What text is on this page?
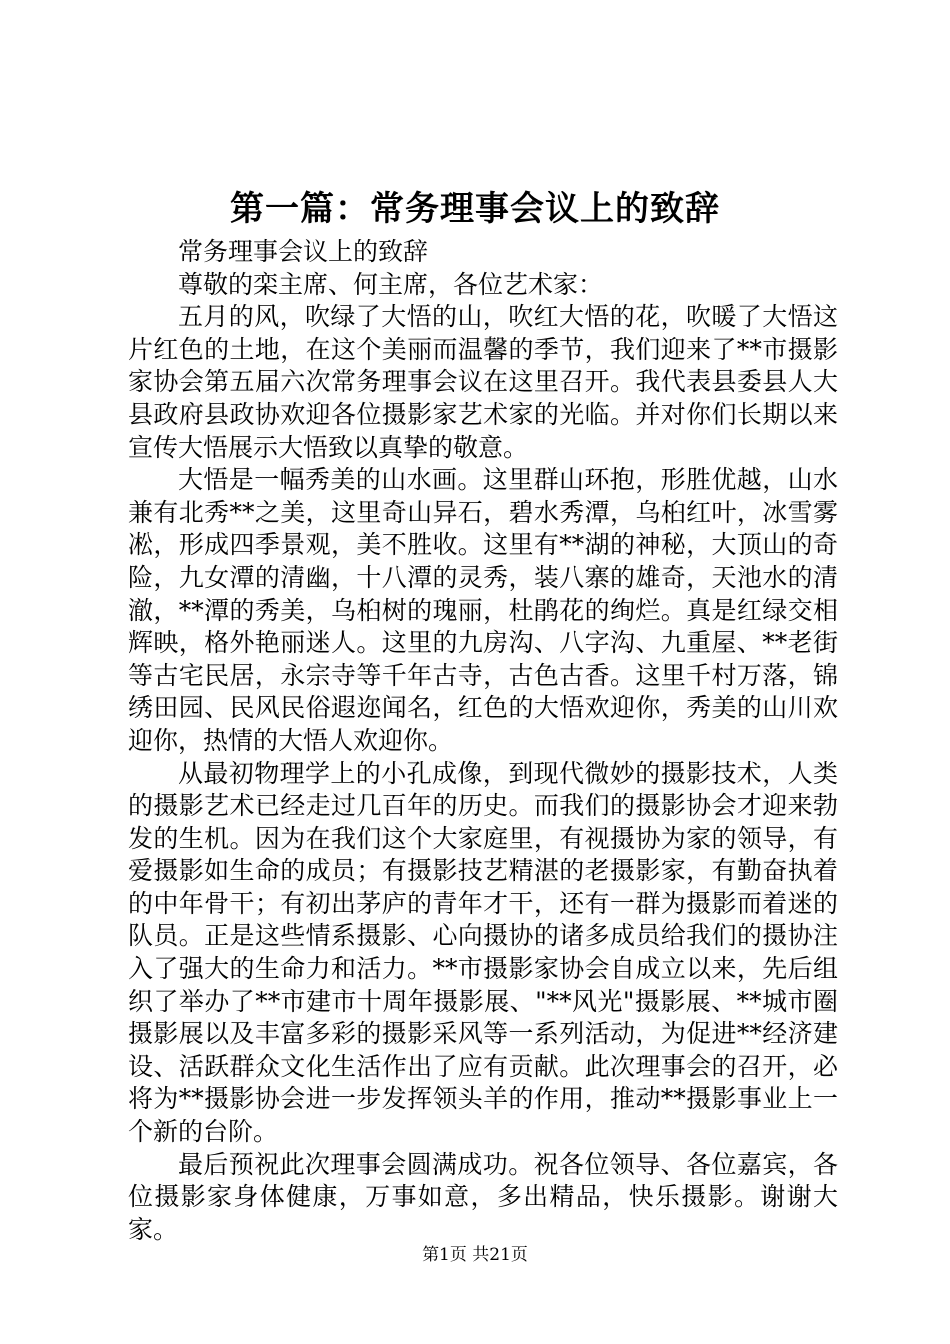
第一篇：常务理事会议上的致辞

常务理事会议上的致辞

尊敬的栾主席、何主席，各位艺术家：

五月的风，吹绿了大悟的山，吹红大悟的花，吹暖了大悟这片红色的土地，在这个美丽而温馨的季节，我们迎来了**市摄影家协会第五届六次常务理事会议在这里召开。我代表县委县人大县政府县政协欢迎各位摄影家艺术家的光临。并对你们长期以来宣传大悟展示大悟致以真挚的敬意。

大悟是一幅秀美的山水画。这里群山环抱，形胜优越，山水兼有北秀**之美，这里奇山异石，碧水秀潭，乌桕红叶，冰雪雾凇，形成四季景观，美不胜收。这里有**湖的神秘，大顶山的奇险，九女潭的清幽，十八潭的灵秀，装八寨的雄奇，天池水的清澈，**潭的秀美，乌桕树的瑰丽，杜鹃花的绚烂。真是红绿交相辉映，格外艳丽迷人。这里的九房沟、八字沟、九重屋、**老街等古宅民居，永宗寺等千年古寺，古色古香。这里千村万落，锦绣田园、民风民俗遐迩闻名，红色的大悟欢迎你，秀美的山川欢迎你，热情的大悟人欢迎你。

从最初物理学上的小孔成像，到现代微妙的摄影技术，人类的摄影艺术已经走过几百年的历史。而我们的摄影协会才迎来勃发的生机。因为在我们这个大家庭里，有视摄协为家的领导，有爱摄影如生命的成员；有摄影技艺精湛的老摄影家，有勤奋执着的中年骨干；有初出茅庐的青年才干，还有一群为摄影而着迷的队员。正是这些情系摄影、心向摄协的诸多成员给我们的摄协注入了强大的生命力和活力。**市摄影家协会自成立以来，先后组织了举办了**市建市十周年摄影展、"**风光"摄影展、**城市圈摄影展以及丰富多彩的摄影采风等一系列活动，为促进**经济建设、活跃群众文化生活作出了应有贡献。此次理事会的召开，必将为**摄影协会进一步发挥领头羊的作用，推动**摄影事业上一个新的台阶。

最后预祝此次理事会圆满成功。祝各位领导、各位嘉宾，各位摄影家身体健康，万事如意，多出精品，快乐摄影。谢谢大家。

第1页 共21页
